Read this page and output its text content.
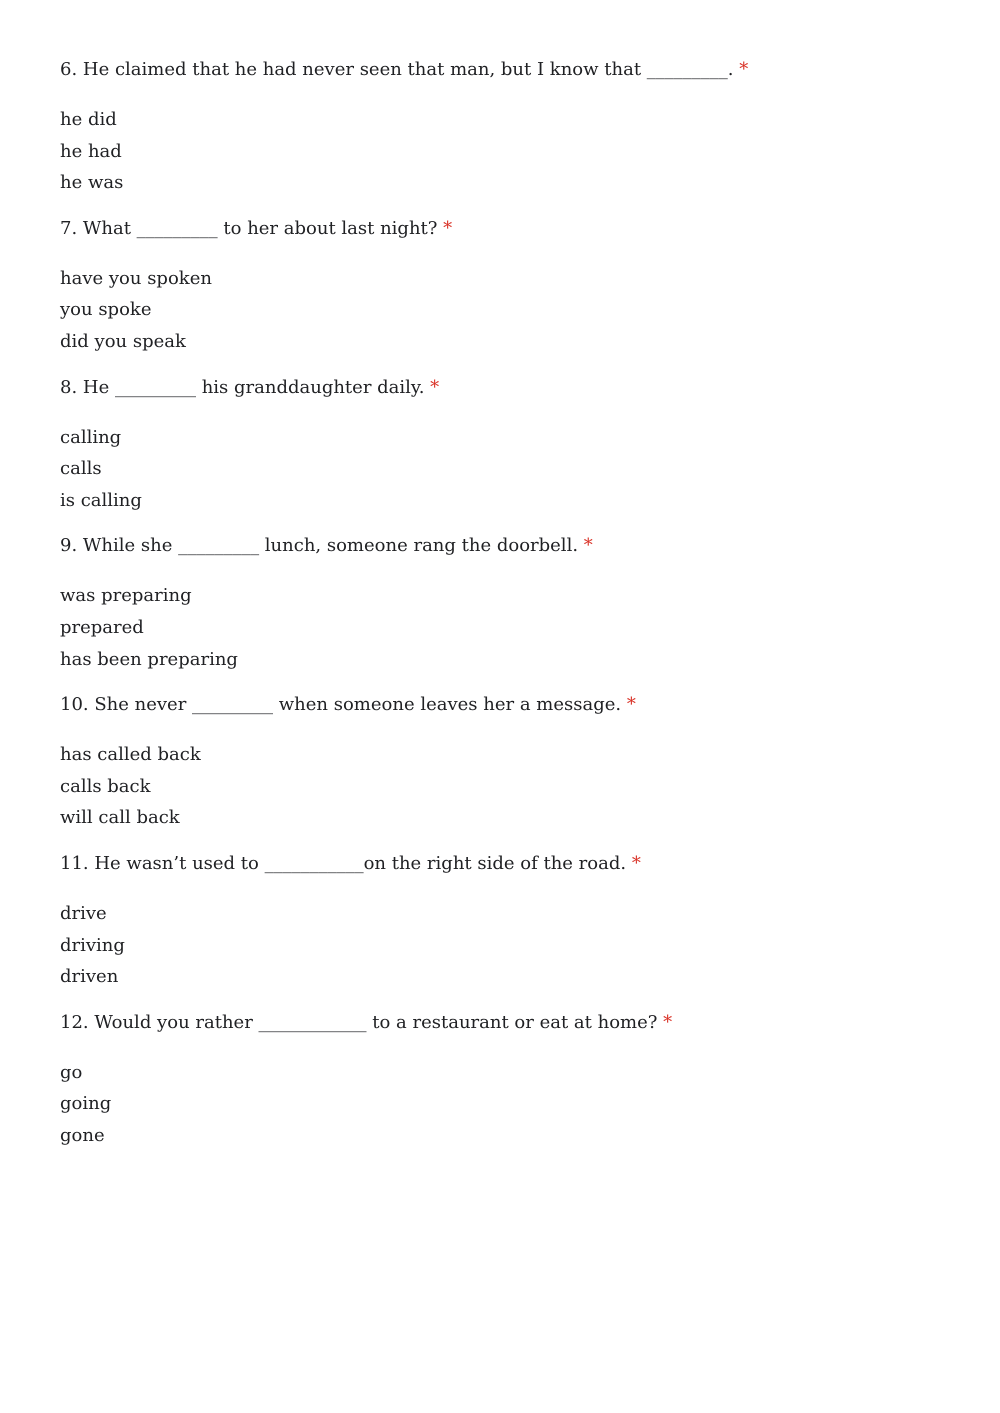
6. He claimed that he had never seen that man, but I know that _________. *
he did
he had
he was
7. What _________ to her about last night? *
have you spoken
you spoke
did you speak
8. He _________ his granddaughter daily. *
calling
calls
is calling
9. While she _________ lunch, someone rang the doorbell. *
was preparing
prepared
has been preparing
10. She never _________ when someone leaves her a message. *
has called back
calls back
will call back
11. He wasn’t used to ___________on the right side of the road. *
drive
driving
driven
12. Would you rather ____________ to a restaurant or eat at home? *
go
going
gone
